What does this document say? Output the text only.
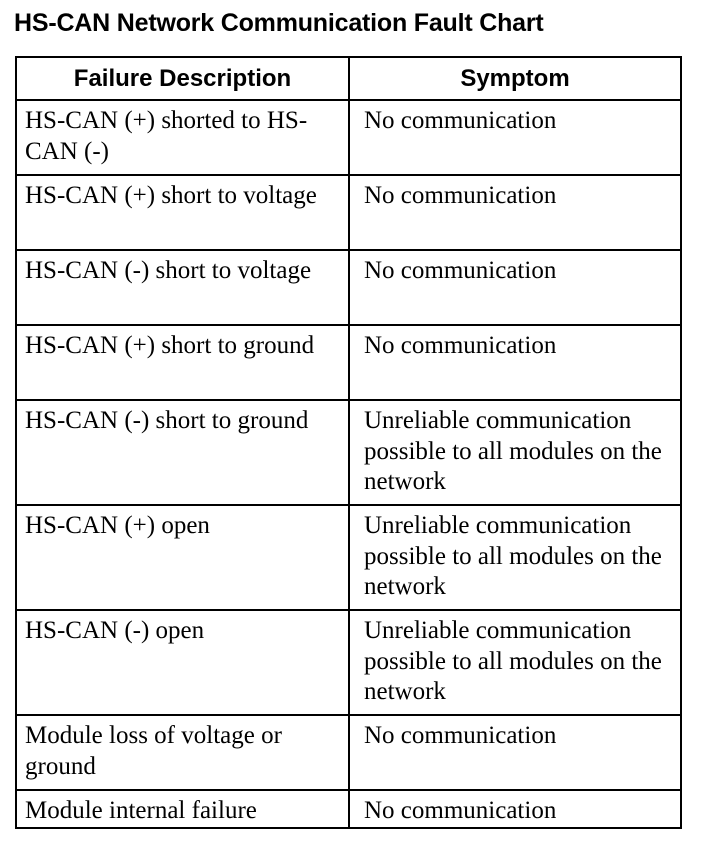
HS-CAN Network Communication Fault Chart
Failure Description	Symptom

HS-CAN (+) shorted to HS-CAN (-)	No communication

HS-CAN (+) short to voltage	No communication

HS-CAN (-) short to voltage	No communication

HS-CAN (+) short to ground	No communication

HS-CAN (-) short to ground	Unreliable communication possible to all modules on the network

HS-CAN (+) open	Unreliable communication possible to all modules on the network

HS-CAN (-) open	Unreliable communication possible to all modules on the network

Module loss of voltage or ground	No communication

Module internal failure	No communication
